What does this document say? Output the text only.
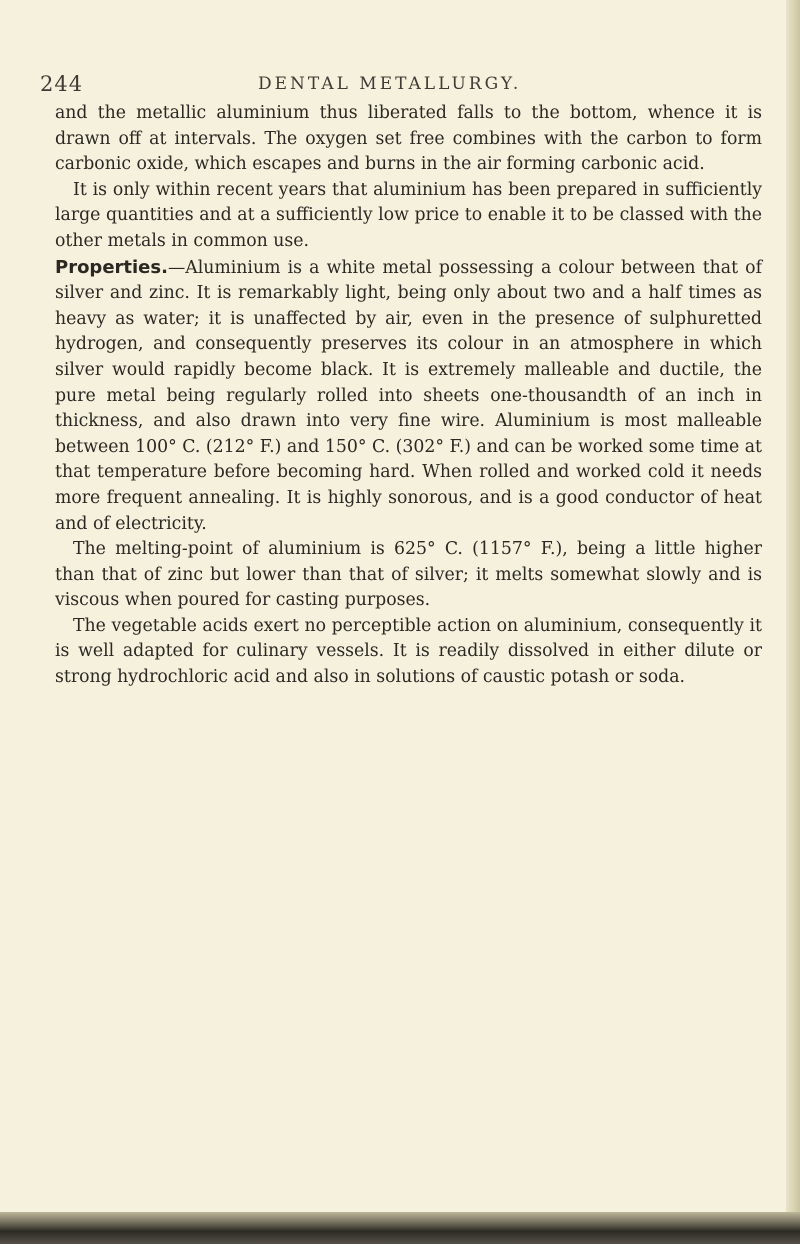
244	DENTAL METALLURGY.

and the metallic aluminium thus liberated falls to the bottom, whence it is drawn off at intervals. The oxygen set free combines with the carbon to form carbonic oxide, which escapes and burns in the air forming carbonic acid.

It is only within recent years that aluminium has been prepared in sufficiently large quantities and at a sufficiently low price to enable it to be classed with the other metals in common use.

Properties.—Aluminium is a white metal possessing a colour between that of silver and zinc. It is remarkably light, being only about two and a half times as heavy as water; it is unaffected by air, even in the presence of sulphuretted hydrogen, and consequently preserves its colour in an atmosphere in which silver would rapidly become black. It is extremely malleable and ductile, the pure metal being regularly rolled into sheets one-thousandth of an inch in thickness, and also drawn into very fine wire. Aluminium is most malleable between 100° C. (212° F.) and 150° C. (302° F.) and can be worked some time at that temperature before becoming hard. When rolled and worked cold it needs more frequent annealing. It is highly sonorous, and is a good conductor of heat and of electricity.

The melting-point of aluminium is 625° C. (1157° F.), being a little higher than that of zinc but lower than that of silver; it melts somewhat slowly and is viscous when poured for casting purposes.

The vegetable acids exert no perceptible action on aluminium, consequently it is well adapted for culinary vessels. It is readily dissolved in either dilute or strong hydrochloric acid and also in solutions of caustic potash or soda.
